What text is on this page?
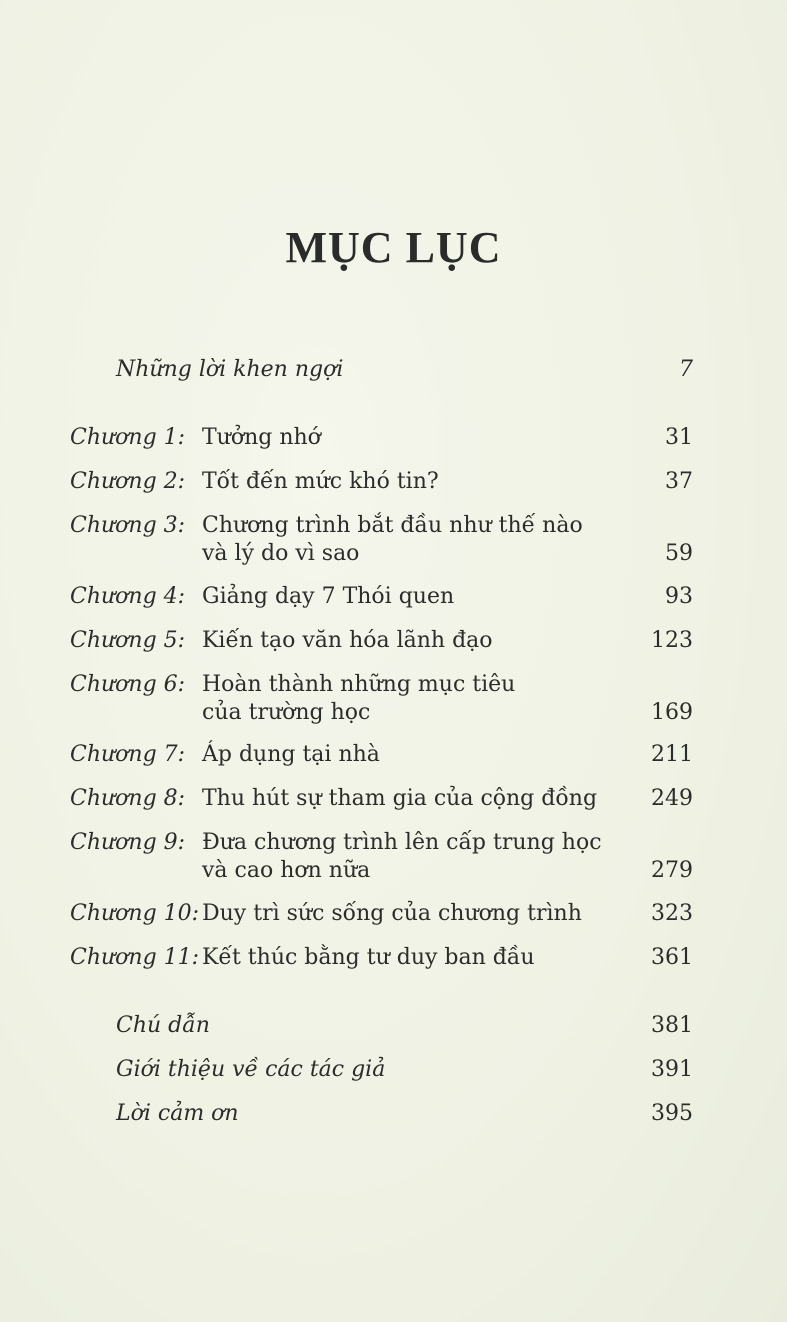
MỤC LỤC
Những lời khen ngợi	7
Chương 1: Tưởng nhớ	31
Chương 2: Tốt đến mức khó tin?	37
Chương 3: Chương trình bắt đầu như thế nào
và lý do vì sao	59
Chương 4: Giảng dạy 7 Thói quen	93
Chương 5: Kiến tạo văn hóa lãnh đạo	123
Chương 6: Hoàn thành những mục tiêu
của trường học	169
Chương 7: Áp dụng tại nhà	211
Chương 8: Thu hút sự tham gia của cộng đồng 249
Chương 9: Đưa chương trình lên cấp trung học
và cao hơn nữa	279
Chương 10: Duy trì sức sống của chương trình	323
Chương 11: Kết thúc bằng tư duy ban đầu	361
Chú dẫn	381
Giới thiệu về các tác giả	391
Lời cảm ơn	395
